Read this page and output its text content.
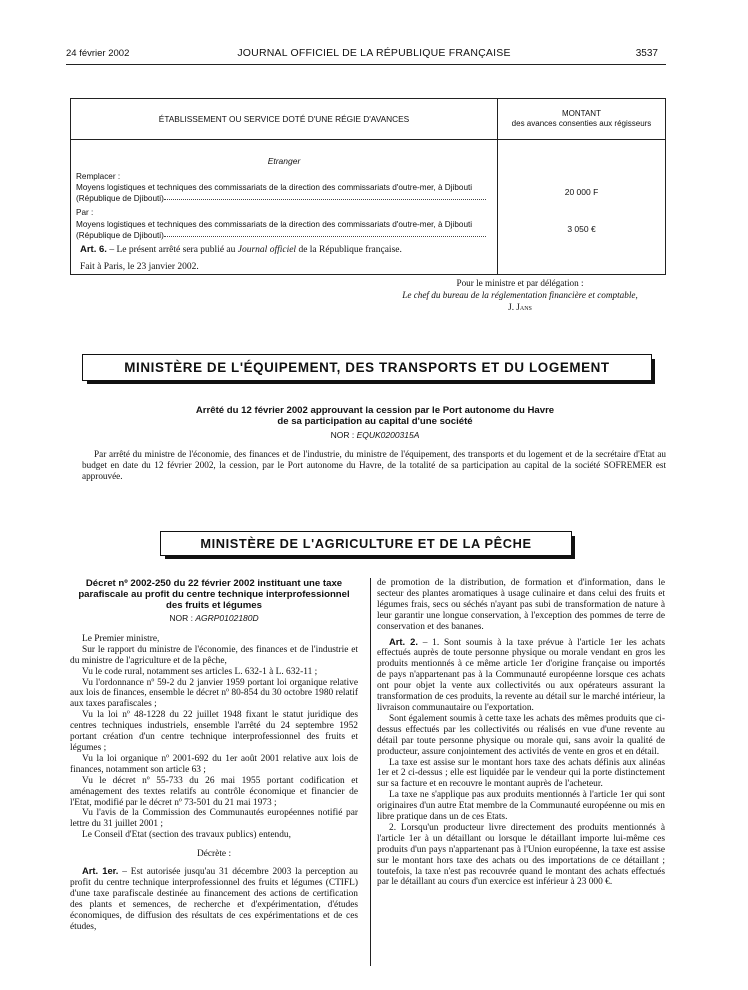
24 février 2002	JOURNAL OFFICIEL DE LA RÉPUBLIQUE FRANÇAISE	3537
ÉTABLISSEMENT OU SERVICE DOTÉ D'UNE RÉGIE D'AVANCES
MONTANT
des avances consenties aux régisseurs
Etranger
Remplacer :
Moyens logistiques et techniques des commissariats de la direction des commissariats d'outre-mer, à Djibouti
(République de Djibouti)
Par :
Moyens logistiques et techniques des commissariats de la direction des commissariats d'outre-mer, à Djibouti
(République de Djibouti)
20 000 F
3 050 €
Art. 6. – Le présent arrêté sera publié au Journal officiel de la République française.
Fait à Paris, le 23 janvier 2002.
Pour le ministre et par délégation :
Le chef du bureau de la réglementation financière et comptable,
J. Jans
MINISTÈRE DE L'ÉQUIPEMENT, DES TRANSPORTS ET DU LOGEMENT
Arrêté du 12 février 2002 approuvant la cession par le Port autonome du Havre
de sa participation au capital d'une société
NOR : EQUK0200315A
Par arrêté du ministre de l'économie, des finances et de l'industrie, du ministre de l'équipement, des transports et du logement et de la secrétaire d'Etat au budget en date du 12 février 2002, la cession, par le Port autonome du Havre, de la totalité de sa participation au capital de la société SOFREMER est approuvée.
MINISTÈRE DE L'AGRICULTURE ET DE LA PÊCHE
Décret nº 2002-250 du 22 février 2002 instituant une taxe parafiscale au profit du centre technique interprofessionnel des fruits et légumes
NOR : AGRP0102180D

Le Premier ministre,

Sur le rapport du ministre de l'économie, des finances et de l'industrie et du ministre de l'agriculture et de la pêche,

Vu le code rural, notamment ses articles L. 632-1 à L. 632-11 ;

Vu l'ordonnance nº 59-2 du 2 janvier 1959 portant loi organique relative aux lois de finances, ensemble le décret nº 80-854 du 30 octobre 1980 relatif aux taxes parafiscales ;

Vu la loi nº 48-1228 du 22 juillet 1948 fixant le statut juridique des centres techniques industriels, ensemble l'arrêté du 24 septembre 1952 portant création d'un centre technique interprofessionnel des fruits et légumes ;

Vu la loi organique nº 2001-692 du 1er août 2001 relative aux lois de finances, notamment son article 63 ;

Vu le décret nº 55-733 du 26 mai 1955 portant codification et aménagement des textes relatifs au contrôle économique et financier de l'Etat, modifié par le décret nº 73-501 du 21 mai 1973 ;

Vu l'avis de la Commission des Communautés européennes notifié par lettre du 31 juillet 2001 ;

Le Conseil d'Etat (section des travaux publics) entendu,

Décrète :

Art. 1er. – Est autorisée jusqu'au 31 décembre 2003 la perception au profit du centre technique interprofessionnel des fruits et légumes (CTIFL) d'une taxe parafiscale destinée au financement des actions de certification des plants et semences, de recherche et d'expérimentation, d'études économiques, de diffusion des résultats de ces expérimentations et de ces études,

de promotion de la distribution, de formation et d'information, dans le secteur des plantes aromatiques à usage culinaire et dans celui des fruits et légumes frais, secs ou séchés n'ayant pas subi de transformation de nature à leur garantir une longue conservation, à l'exception des pommes de terre de conservation et des bananes.

Art. 2. – 1. Sont soumis à la taxe prévue à l'article 1er les achats effectués auprès de toute personne physique ou morale vendant en gros les produits mentionnés à ce même article 1er d'origine française ou importés de pays n'appartenant pas à la Communauté européenne lorsque ces achats ont pour objet la vente aux collectivités ou aux opérateurs assurant la transformation de ces produits, la revente au détail sur le marché intérieur, la livraison communautaire ou l'exportation.

Sont également soumis à cette taxe les achats des mêmes produits que ci-dessus effectués par les collectivités ou réalisés en vue d'une revente au détail par toute personne physique ou morale qui, sans avoir la qualité de producteur, assure conjointement des activités de vente en gros et en détail.

La taxe est assise sur le montant hors taxe des achats définis aux alinéas 1er et 2 ci-dessus ; elle est liquidée par le vendeur qui la porte distinctement sur sa facture et en recouvre le montant auprès de l'acheteur.

La taxe ne s'applique pas aux produits mentionnés à l'article 1er qui sont originaires d'un autre Etat membre de la Communauté européenne ou mis en libre pratique dans un de ces Etats.

2. Lorsqu'un producteur livre directement des produits mentionnés à l'article 1er à un détaillant ou lorsque le détaillant importe lui-même ces produits d'un pays n'appartenant pas à l'Union européenne, la taxe est assise sur le montant hors taxe des achats ou des importations de ce détaillant ; toutefois, la taxe n'est pas recouvrée quand le montant des achats effectués par le détaillant au cours d'un exercice est inférieur à 23 000 €.
